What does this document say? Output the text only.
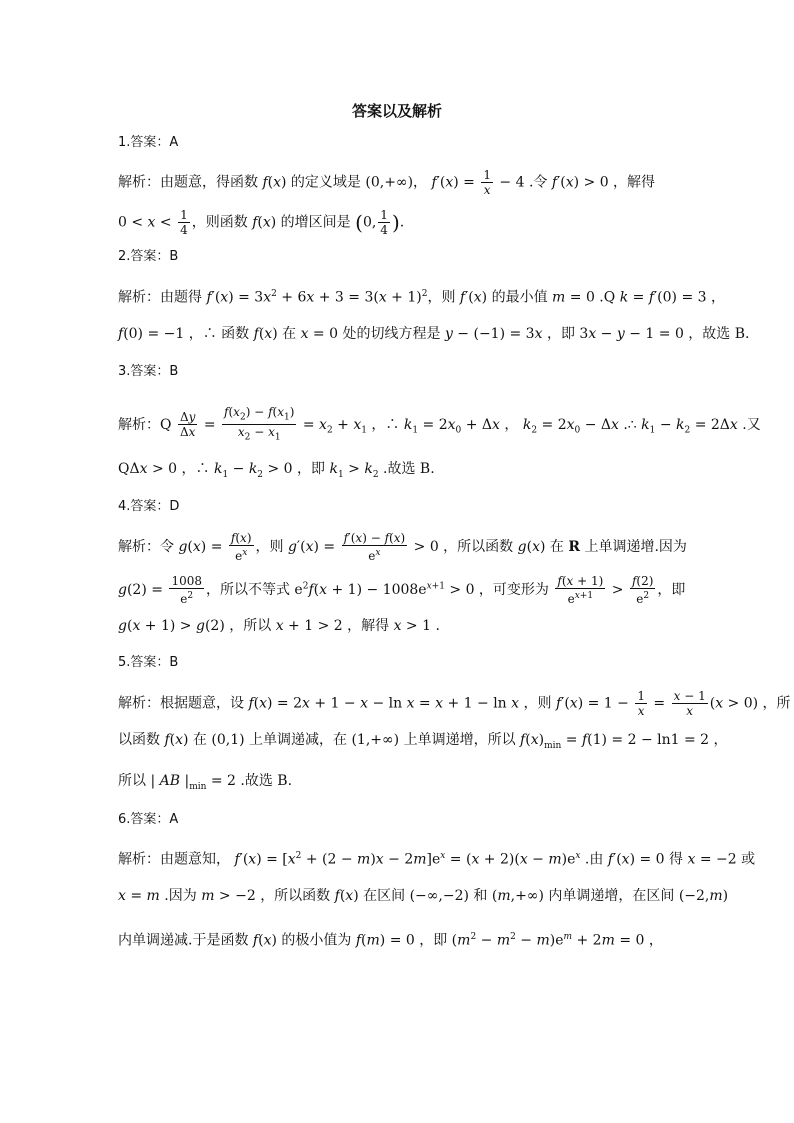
答案以及解析
1.答案：A
解析：由题意，得函数 f(x) 的定义域是 (0,+∞)， $f'(x) = \frac{1}{x} - 4$ .令 f′(x) > 0 ，解得
$0 < x < \frac{1}{4}$ ，则函数 f(x) 的增区间是 (0, $\frac{1}{4}$ ).
2.答案：B
解析：由题得 $f'(x) = 3x^2 + 6x + 3 = 3(x + 1)^2$，则 f′(x) 的最小值 m = 0 .Q k = f′(0) = 3 ，
f(0) = −1 ，∴ 函数 f(x) 在 x = 0 处的切线方程是 y − (−1) = 3x ，即 3x − y − 1 = 0 ，故选 B.
3.答案：B
解析：Q $\frac{\Delta y}{\Delta x} = \frac{f(x_2) - f(x_1)}{x_2 - x_1} = x_2 + x_1$ ，∴ $k_1 = 2x_0 + \Delta x$ ， $k_2 = 2x_0 - \Delta x$ .∴ $k_1 - k_2 = 2\Delta x$ .又
QΔx > 0 ，∴ $k_1 - k_2 > 0$ ，即 $k_1 > k_2$ .故选 B.
4.答案：D
解析：令 $g(x) = \frac{f(x)}{e^x}$ ，则 $g'(x) = \frac{f'(x) - f(x)}{e^x} > 0$ ，所以函数 g(x) 在 R 上单调递增.因为
$g(2) = \frac{1008}{e^2}$ ，所以不等式 $e^2f(x + 1) - 1008e^{x+1} > 0$ ，可变形为 $\frac{f(x + 1)}{e^{x+1}} > \frac{f(2)}{e^2}$ ，即
g(x + 1) > g(2) ，所以 x + 1 > 2 ，解得 x > 1 .
5.答案：B
解析：根据题意，设 f(x) = 2x + 1 − x − ln x = x + 1 − ln x ，则 $f'(x) = 1 - \frac{1}{x} = \frac{x - 1}{x} (x > 0)$ ，所
以函数 f(x) 在 (0,1) 上单调递减，在 (1,+∞) 上单调递增，所以 $f(x)_{min} = f(1) = 2 - \ln 1 = 2$ ，
所以 | AB $|_{min} = 2$ .故选 B.
6.答案：A
解析：由题意知， $f'(x) = [x^2 + (2 - m)x - 2m]e^x = (x + 2)(x - m)e^x$ .由 f′(x) = 0 得 x = −2 或
x = m .因为 m > −2 ，所以函数 f(x) 在区间 (−∞,−2) 和 (m,+∞) 内单调递增，在区间 (−2,m)
内单调递减.于是函数 f(x) 的极小值为 f(m) = 0 ，即 $(m^2 - m^2 - m)e^m + 2m = 0$ ，
